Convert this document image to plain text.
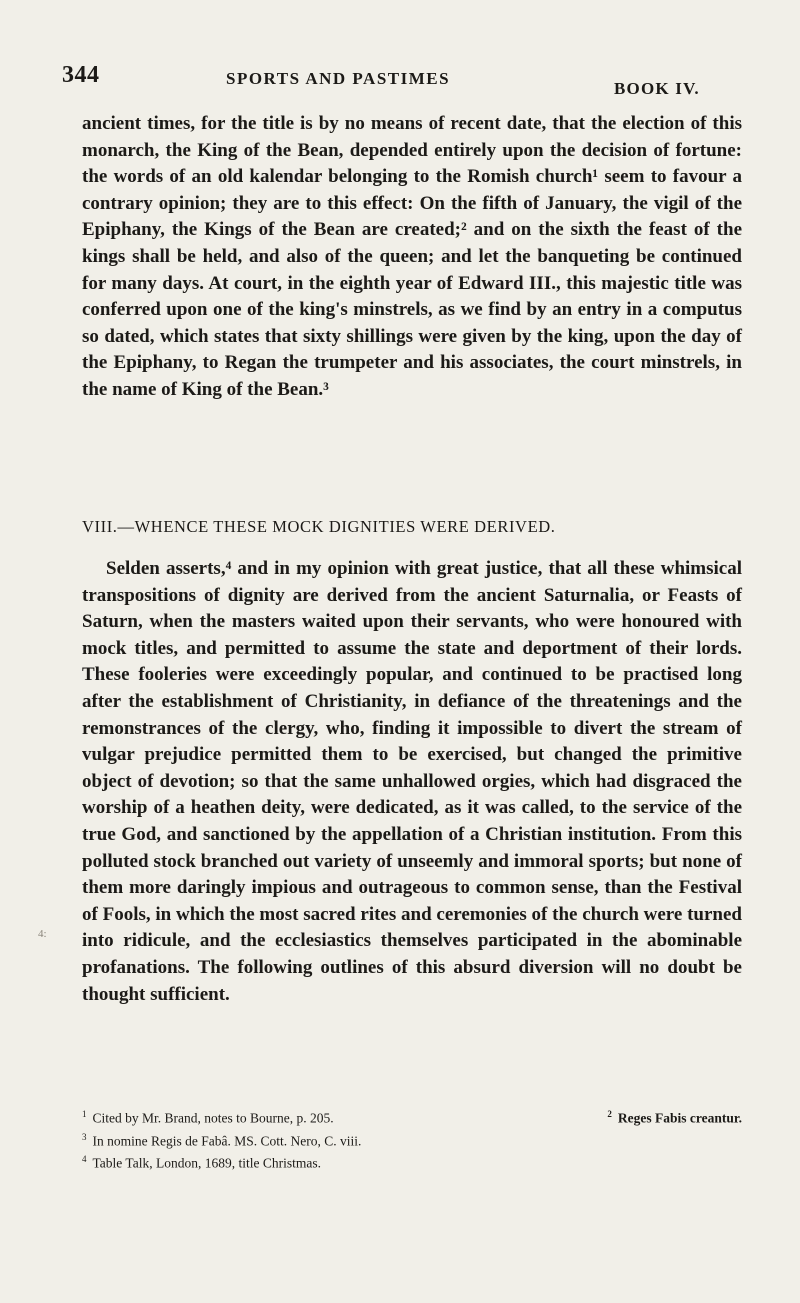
344	SPORTS AND PASTIMES
BOOK IV.

ancient times, for the title is by no means of recent date, that the election of this monarch, the King of the Bean, depended entirely upon the decision of fortune: the words of an old kalendar belonging to the Romish church¹ seem to favour a contrary opinion; they are to this effect: On the fifth of January, the vigil of the Epiphany, the Kings of the Bean are created;² and on the sixth the feast of the kings shall be held, and also of the queen; and let the banqueting be continued for many days. At court, in the eighth year of Edward III., this majestic title was conferred upon one of the king's minstrels, as we find by an entry in a computus so dated, which states that sixty shillings were given by the king, upon the day of the Epiphany, to Regan the trumpeter and his associates, the court minstrels, in the name of King of the Bean.³

VIII.—WHENCE THESE MOCK DIGNITIES WERE DERIVED.

Selden asserts,⁴ and in my opinion with great justice, that all these whimsical transpositions of dignity are derived from the ancient Saturnalia, or Feasts of Saturn, when the masters waited upon their servants, who were honoured with mock titles, and permitted to assume the state and deportment of their lords. These fooleries were exceedingly popular, and continued to be practised long after the establishment of Christianity, in defiance of the threatenings and the remonstrances of the clergy, who, finding it impossible to divert the stream of vulgar prejudice permitted them to be exercised, but changed the primitive object of devotion; so that the same unhallowed orgies, which had disgraced the worship of a heathen deity, were dedicated, as it was called, to the service of the true God, and sanctioned by the appellation of a Christian institution. From this polluted stock branched out variety of unseemly and immoral sports; but none of them more daringly impious and outrageous to common sense, than the Festival of Fools, in which the most sacred rites and ceremonies of the church were turned into ridicule, and the ecclesiastics themselves participated in the abominable profanations. The following outlines of this absurd diversion will no doubt be thought sufficient.

4:
$^1$ Cited by Mr. Brand, notes to Bourne, p. 205.	$^2$ Reges Fabis creantur.
$^3$ In nomine Regis de Fabâ. MS. Cott. Nero, C. viii.
$^4$ Table Talk, London, 1689, title Christmas.
